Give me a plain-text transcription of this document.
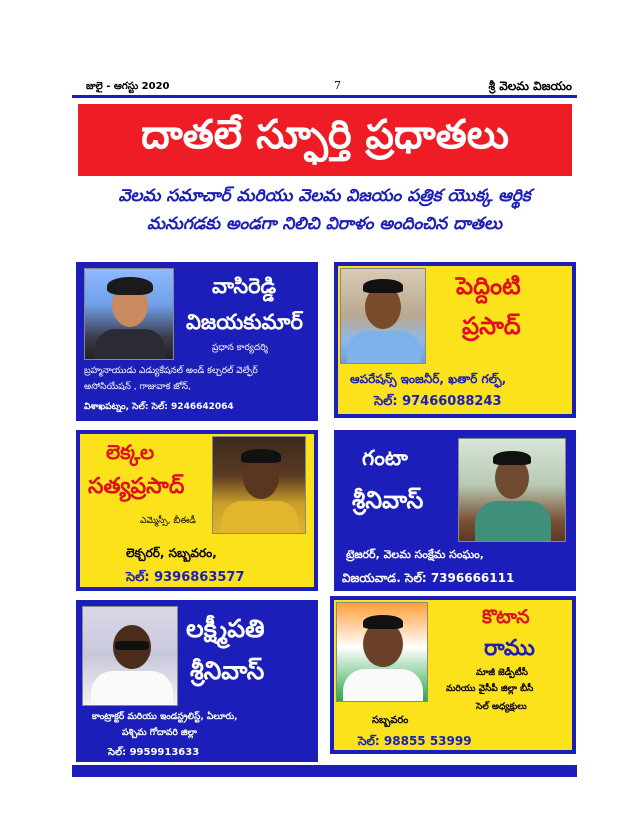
జులై - ఆగస్టు 2020	7	శ్రీ వెలమ విజయం
దాతలే స్ఫూర్తి ప్రధాతలు
వెలమ సమాచార్ మరియు వెలమ విజయం పత్రిక యొక్క ఆర్థిక
మనుగడకు అండగా నిలిచి విరాళం అందించిన దాతలు
వాసిరెడ్డి
విజయకుమార్
ప్రధాన కార్యదర్శి
బ్రహ్మనాయుడు ఎడ్యుకేషనల్ అండ్ కల్చరల్ వెల్ఫేర్
అసోసియేషన్ , గాజువాక జోన్,
విశాఖపట్నం, సెల్: సెల్: 9246642064
పెద్దింటి
ప్రసాద్
ఆపరేషన్స్ ఇంజనీర్, ఖతార్ గల్ఫ్,
సెల్: 97466088243
లెక్కల
సత్యప్రసాద్
ఎమ్మెస్సీ, బీఈడీ
లెక్చరర్, సబ్బవరం,
సెల్: 9396863577
గంటా
శ్రీనివాస్
ట్రెజరర్, వెలమ సంక్షేమ సంఘం,
విజయవాడ. సెల్: 7396666111
లక్ష్మీపతి
శ్రీనివాస్
కాంట్రాక్టర్ మరియు ఇండస్ట్రలిస్ట్, ఏలూరు,
పశ్చిమ గోదావరి జిల్లా
సెల్: 9959913633
కొటాన
రాము
మాజీ జెడ్పీటీసీ
మరియు వైసీపీ జిల్లా బీసీ
సెల్ అధ్యక్షులు
సబ్బవరం
సెల్: 98855 53999
